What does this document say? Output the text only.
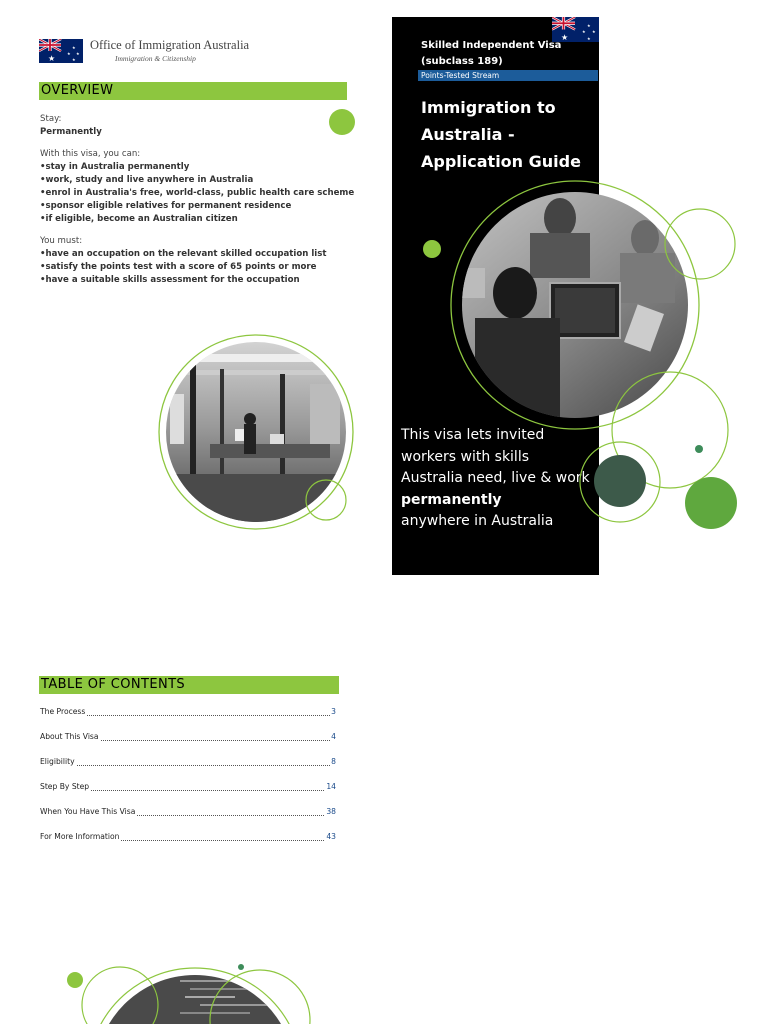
★
★
★ ★
★
Office of Immigration Australia
Immigration & Citizenship
OVERVIEW
Stay:
Permanently
With this visa, you can:
• stay in Australia permanently
• work, study and live anywhere in Australia
• enrol in Australia's free, world-class, public health care scheme
• sponsor eligible relatives for permanent residence
• if eligible, become an Australian citizen
You must:
• have an occupation on the relevant skilled occupation list
• satisfy the points test with a score of 65 points or more
• have a suitable skills assessment for the occupation
★
★
★ ★
★
Skilled Independent Visa
(subclass 189)
Points-Tested Stream
Immigration to
Australia -
Application Guide
This visa lets invited
workers with skills
Australia need, live & work
permanently
anywhere in Australia
TABLE OF CONTENTS
The Process	3
About This Visa	4
Eligibility	8
Step By Step	14
When You Have This Visa	38
For More Information	43
